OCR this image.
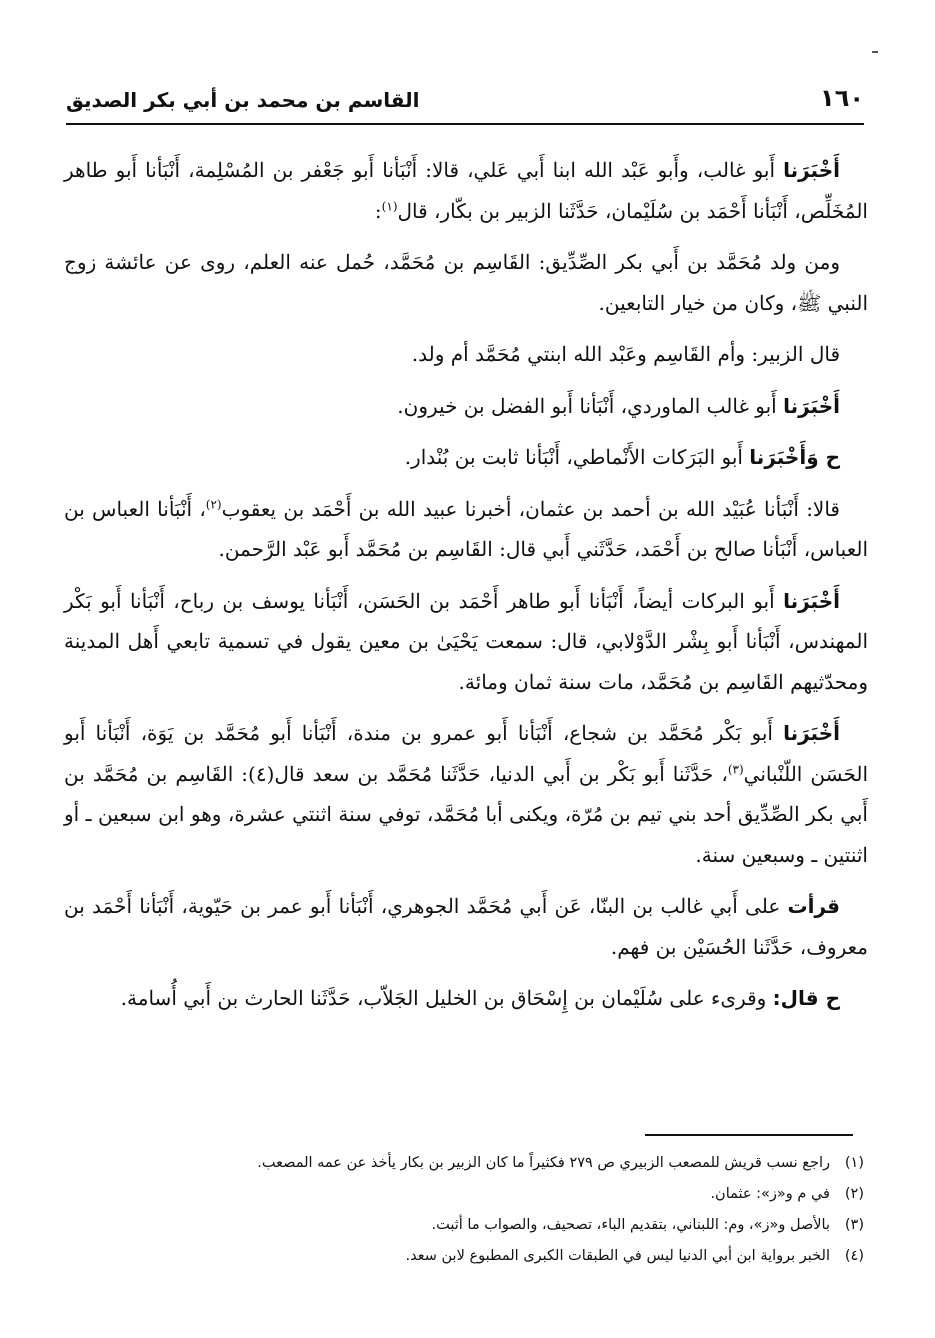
١٦٠
القاسم بن محمد بن أبي بكر الصديق

أَخْبَرَنا أَبو غالب، وأَبو عَبْد الله ابنا أَبي عَلي، قالا: أَنْبَأنا أَبو جَعْفر بن المُسْلِمة، أَنْبَأنا أَبو طاهر المُخَلِّص، أَنْبَأنا أَحْمَد بن سُلَيْمان، حَدَّثَنا الزبير بن بكّار، قال$^{(١)}$:

ومن ولد مُحَمَّد بن أَبي بكر الصِّدِّيق: القَاسِم بن مُحَمَّد، حُمل عنه العلم، روى عن عائشة زوج النبي ﷺ، وكان من خيار التابعين.

قال الزبير: وأم القَاسِم وعَبْد الله ابنتي مُحَمَّد أم ولد.

أَخْبَرَنا أَبو غالب الماوردي، أَنْبَأنا أَبو الفضل بن خيرون.

ح وَأَخْبَرَنا أَبو البَرَكات الأَنْماطي، أَنْبَأنا ثابت بن بُنْدار.

قالا: أَنْبَأنا عُبَيْد الله بن أحمد بن عثمان، أخبرنا عبيد الله بن أَحْمَد بن يعقوب$^{(٢)}$، أَنْبَأنا العباس بن العباس، أَنْبَأنا صالح بن أَحْمَد، حَدَّثَني أَبي قال: القَاسِم بن مُحَمَّد أَبو عَبْد الرَّحمن.

أَخْبَرَنا أَبو البركات أيضاً، أَنْبَأنا أَبو طاهر أَحْمَد بن الحَسَن، أَنْبَأنا يوسف بن رباح، أَنْبَأنا أَبو بَكْر المهندس، أَنْبَأنا أَبو بِشْر الدَّوْلابي، قال: سمعت يَحْيَىٰ بن معين يقول في تسمية تابعي أَهل المدينة ومحدّثيهم القَاسِم بن مُحَمَّد، مات سنة ثمان ومائة.

أَخْبَرَنا أَبو بَكْر مُحَمَّد بن شجاع، أَنْبَأنا أَبو عمرو بن مندة، أَنْبَأنا أَبو مُحَمَّد بن يَوَة، أَنْبَأنا أَبو الحَسَن اللّنْباني$^{(٣)}$، حَدَّثَنا أَبو بَكْر بن أَبي الدنيا، حَدَّثَنا مُحَمَّد بن سعد قال(٤): القَاسِم بن مُحَمَّد بن أَبي بكر الصِّدِّيق أحد بني تيم بن مُرّة، ويكنى أبا مُحَمَّد، توفي سنة اثنتي عشرة، وهو ابن سبعين ـ أو اثنتين ـ وسبعين سنة.

قرأت على أَبي غالب بن البنّا، عَن أَبي مُحَمَّد الجوهري، أَنْبَأنا أَبو عمر بن حَيّوية، أَنْبَأنا أَحْمَد بن معروف، حَدَّثَنا الحُسَيْن بن فهم.

ح قال: وقرىء على سُلَيْمان بن إِسْحَاق بن الخليل الجَلاّب، حَدَّثَنا الحارث بن أَبي أُسامة.

(١)راجع نسب قريش للمصعب الزبيري ص ٢٧٩ فكثيراً ما كان الزبير بن بكار يأخذ عن عمه المصعب.

(٢)في م و«ز»: عثمان.

(٣)بالأصل و«ز»، وم: اللبناني، بتقديم الباء، تصحيف، والصواب ما أثبت.

(٤)الخبر برواية ابن أبي الدنيا ليس في الطبقات الكبرى المطبوع لابن سعد.
